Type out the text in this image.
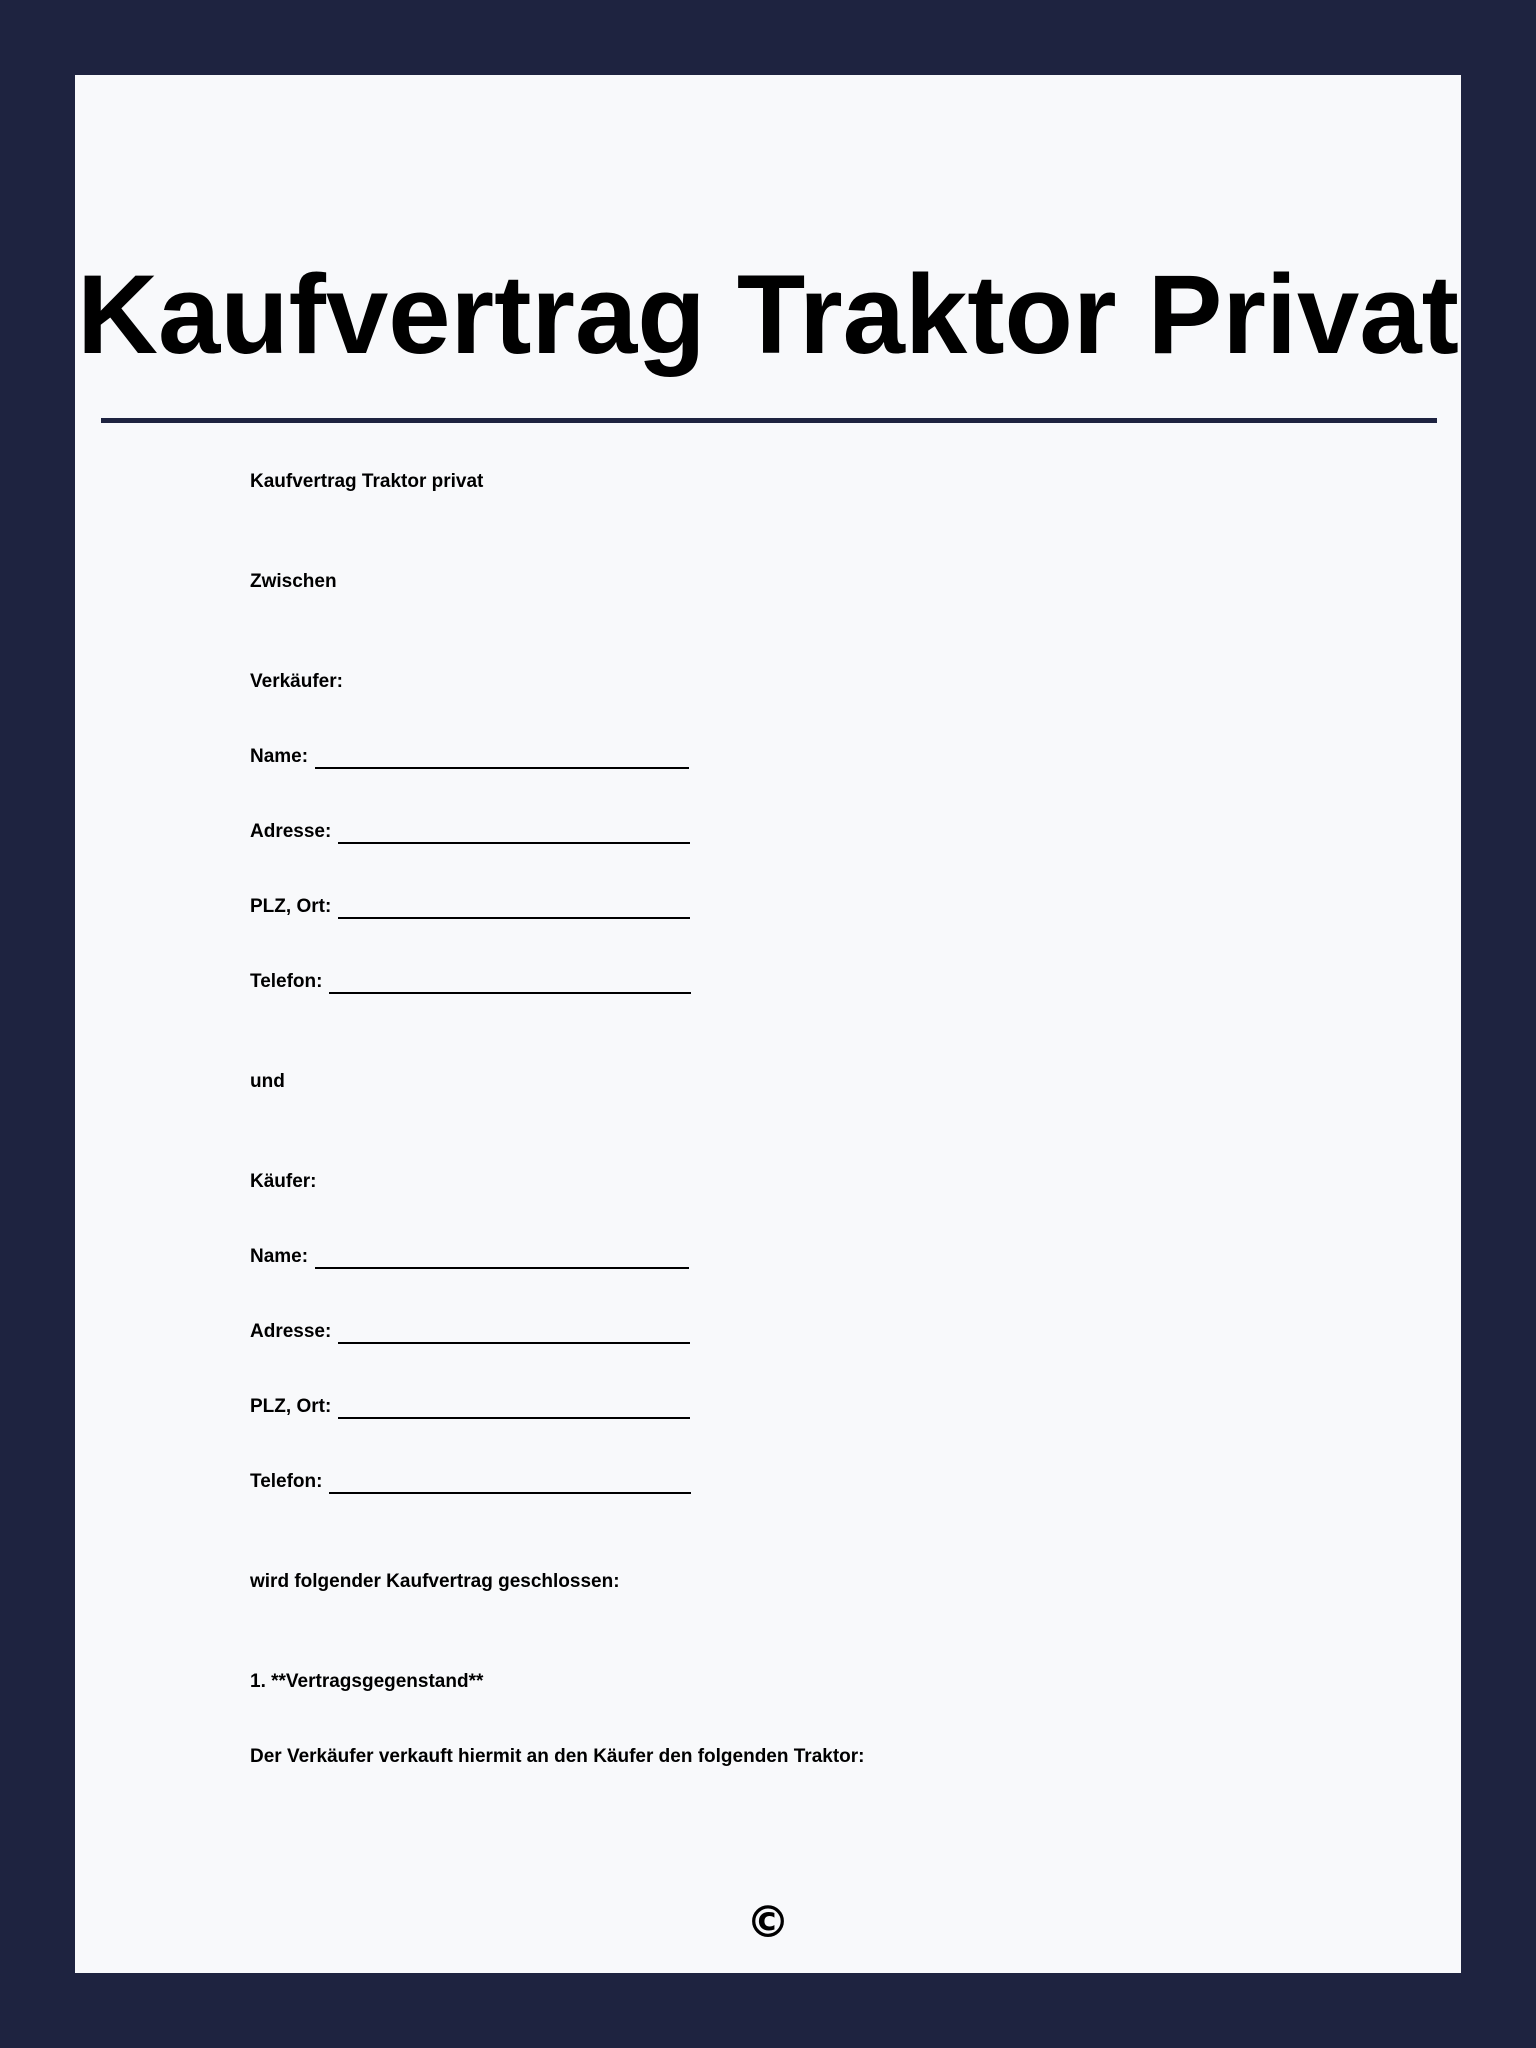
Kaufvertrag Traktor Privat
Kaufvertrag Traktor privat
Zwischen
Verkäufer:
Name:
Adresse:
PLZ, Ort:
Telefon:
und
Käufer:
Name:
Adresse:
PLZ, Ort:
Telefon:
wird folgender Kaufvertrag geschlossen:
1. **Vertragsgegenstand**
Der Verkäufer verkauft hiermit an den Käufer den folgenden Traktor:
©
